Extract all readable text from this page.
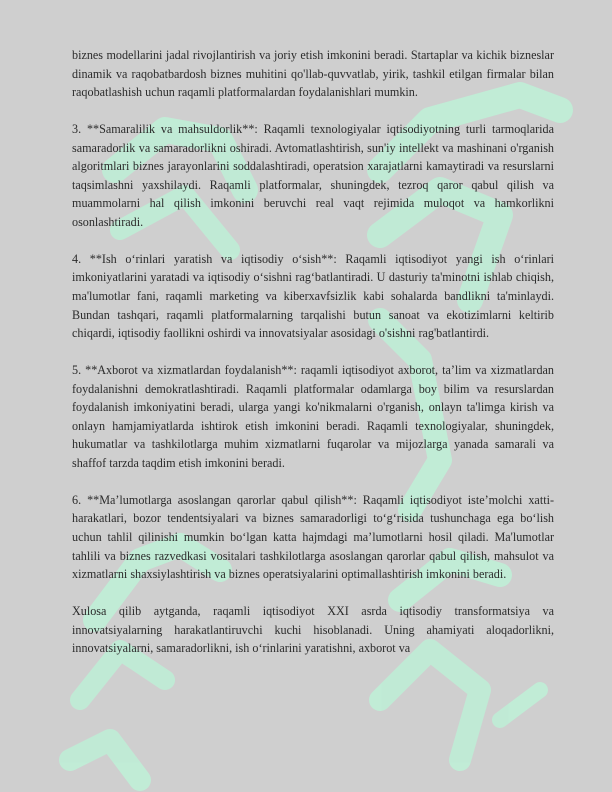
biznes modellarini jadal rivojlantirish va joriy etish imkonini beradi. Startaplar va kichik bizneslar dinamik va raqobatbardosh biznes muhitini qo'llab-quvvatlab, yirik, tashkil etilgan firmalar bilan raqobatlashish uchun raqamli platformalardan foydalanishlari mumkin.

3. **Samaralilik va mahsuldorlik**: Raqamli texnologiyalar iqtisodiyotning turli tarmoqlarida samaradorlik va samaradorlikni oshiradi. Avtomatlashtirish, sun'iy intellekt va mashinani o'rganish algoritmlari biznes jarayonlarini soddalashtiradi, operatsion xarajatlarni kamaytiradi va resurslarni taqsimlashni yaxshilaydi. Raqamli platformalar, shuningdek, tezroq qaror qabul qilish va muammolarni hal qilish imkonini beruvchi real vaqt rejimida muloqot va hamkorlikni osonlashtiradi.

4. **Ish oʻrinlari yaratish va iqtisodiy oʻsish**: Raqamli iqtisodiyot yangi ish oʻrinlari imkoniyatlarini yaratadi va iqtisodiy oʻsishni ragʻbatlantiradi. U dasturiy ta'minotni ishlab chiqish, ma'lumotlar fani, raqamli marketing va kiberxavfsizlik kabi sohalarda bandlikni ta'minlaydi. Bundan tashqari, raqamli platformalarning tarqalishi butun sanoat va ekotizimlarni keltirib chiqardi, iqtisodiy faollikni oshirdi va innovatsiyalar asosidagi o'sishni rag'batlantirdi.

5. **Axborot va xizmatlardan foydalanish**: raqamli iqtisodiyot axborot, ta’lim va xizmatlardan foydalanishni demokratlashtiradi. Raqamli platformalar odamlarga boy bilim va resurslardan foydalanish imkoniyatini beradi, ularga yangi ko'nikmalarni o'rganish, onlayn ta'limga kirish va onlayn hamjamiyatlarda ishtirok etish imkonini beradi. Raqamli texnologiyalar, shuningdek, hukumatlar va tashkilotlarga muhim xizmatlarni fuqarolar va mijozlarga yanada samarali va shaffof tarzda taqdim etish imkonini beradi.

6. **Ma’lumotlarga asoslangan qarorlar qabul qilish**: Raqamli iqtisodiyot iste’molchi xatti-harakatlari, bozor tendentsiyalari va biznes samaradorligi toʻgʻrisida tushunchaga ega boʻlish uchun tahlil qilinishi mumkin boʻlgan katta hajmdagi ma’lumotlarni hosil qiladi. Ma'lumotlar tahlili va biznes razvedkasi vositalari tashkilotlarga asoslangan qarorlar qabul qilish, mahsulot va xizmatlarni shaxsiylashtirish va biznes operatsiyalarini optimallashtirish imkonini beradi.

Xulosa qilib aytganda, raqamli iqtisodiyot XXI asrda iqtisodiy transformatsiya va innovatsiyalarning harakatlantiruvchi kuchi hisoblanadi. Uning ahamiyati aloqadorlikni, innovatsiyalarni, samaradorlikni, ish oʻrinlarini yaratishni, axborot va
